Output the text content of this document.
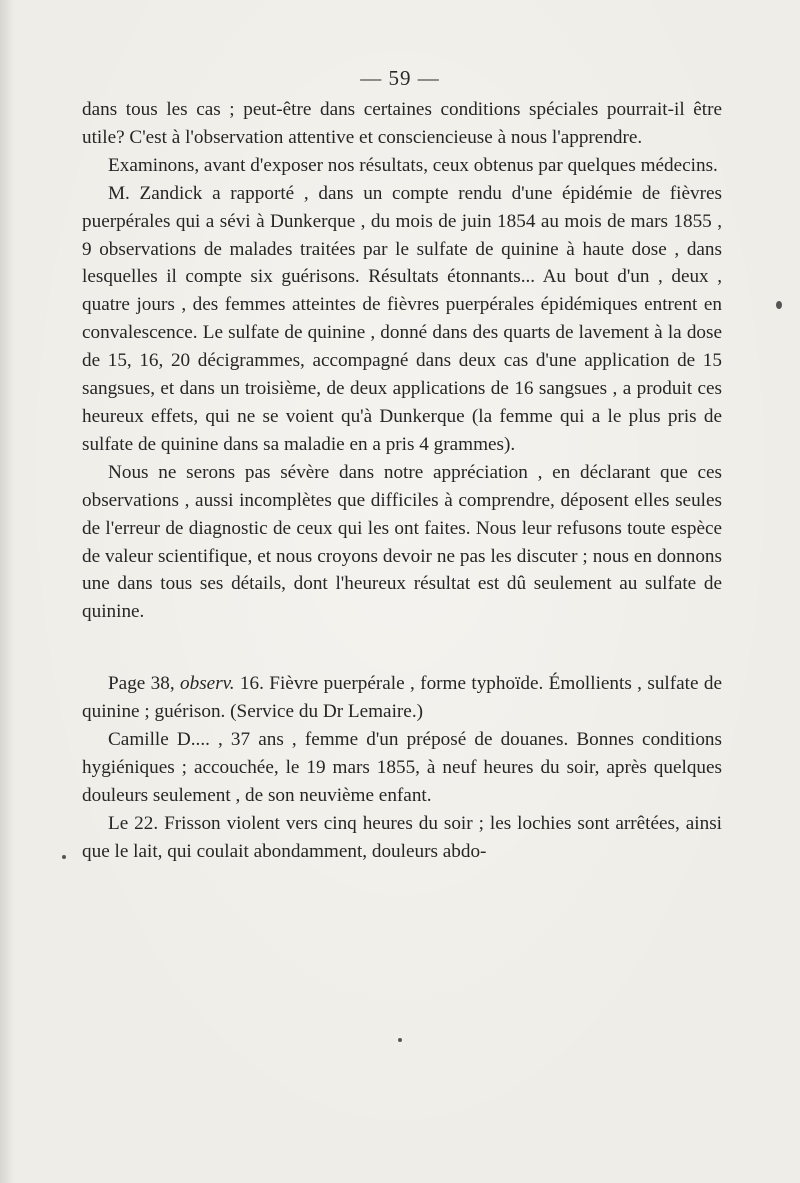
— 59 —

dans tous les cas ; peut-être dans certaines conditions spéciales pourrait-il être utile? C'est à l'observation attentive et consciencieuse à nous l'apprendre.

Examinons, avant d'exposer nos résultats, ceux obtenus par quelques médecins.

M. Zandick a rapporté , dans un compte rendu d'une épidémie de fièvres puerpérales qui a sévi à Dunkerque , du mois de juin 1854 au mois de mars 1855 , 9 observations de malades traitées par le sulfate de quinine à haute dose , dans lesquelles il compte six guérisons. Résultats étonnants... Au bout d'un , deux , quatre jours , des femmes atteintes de fièvres puerpérales épidémiques entrent en convalescence. Le sulfate de quinine , donné dans des quarts de lavement à la dose de 15, 16, 20 décigrammes, accompagné dans deux cas d'une application de 15 sangsues, et dans un troisième, de deux applications de 16 sangsues , a produit ces heureux effets, qui ne se voient qu'à Dunkerque (la femme qui a le plus pris de sulfate de quinine dans sa maladie en a pris 4 grammes).

Nous ne serons pas sévère dans notre appréciation , en déclarant que ces observations , aussi incomplètes que difficiles à comprendre, déposent elles seules de l'erreur de diagnostic de ceux qui les ont faites. Nous leur refusons toute espèce de valeur scientifique, et nous croyons devoir ne pas les discuter ; nous en donnons une dans tous ses détails, dont l'heureux résultat est dû seulement au sulfate de quinine.

Page 38, observ. 16. Fièvre puerpérale , forme typhoïde. Émollients , sulfate de quinine ; guérison. (Service du Dr Lemaire.)

Camille D.... , 37 ans , femme d'un préposé de douanes. Bonnes conditions hygiéniques ; accouchée, le 19 mars 1855, à neuf heures du soir, après quelques douleurs seulement , de son neuvième enfant.

Le 22. Frisson violent vers cinq heures du soir ; les lochies sont arrêtées, ainsi que le lait, qui coulait abondamment, douleurs abdo-
